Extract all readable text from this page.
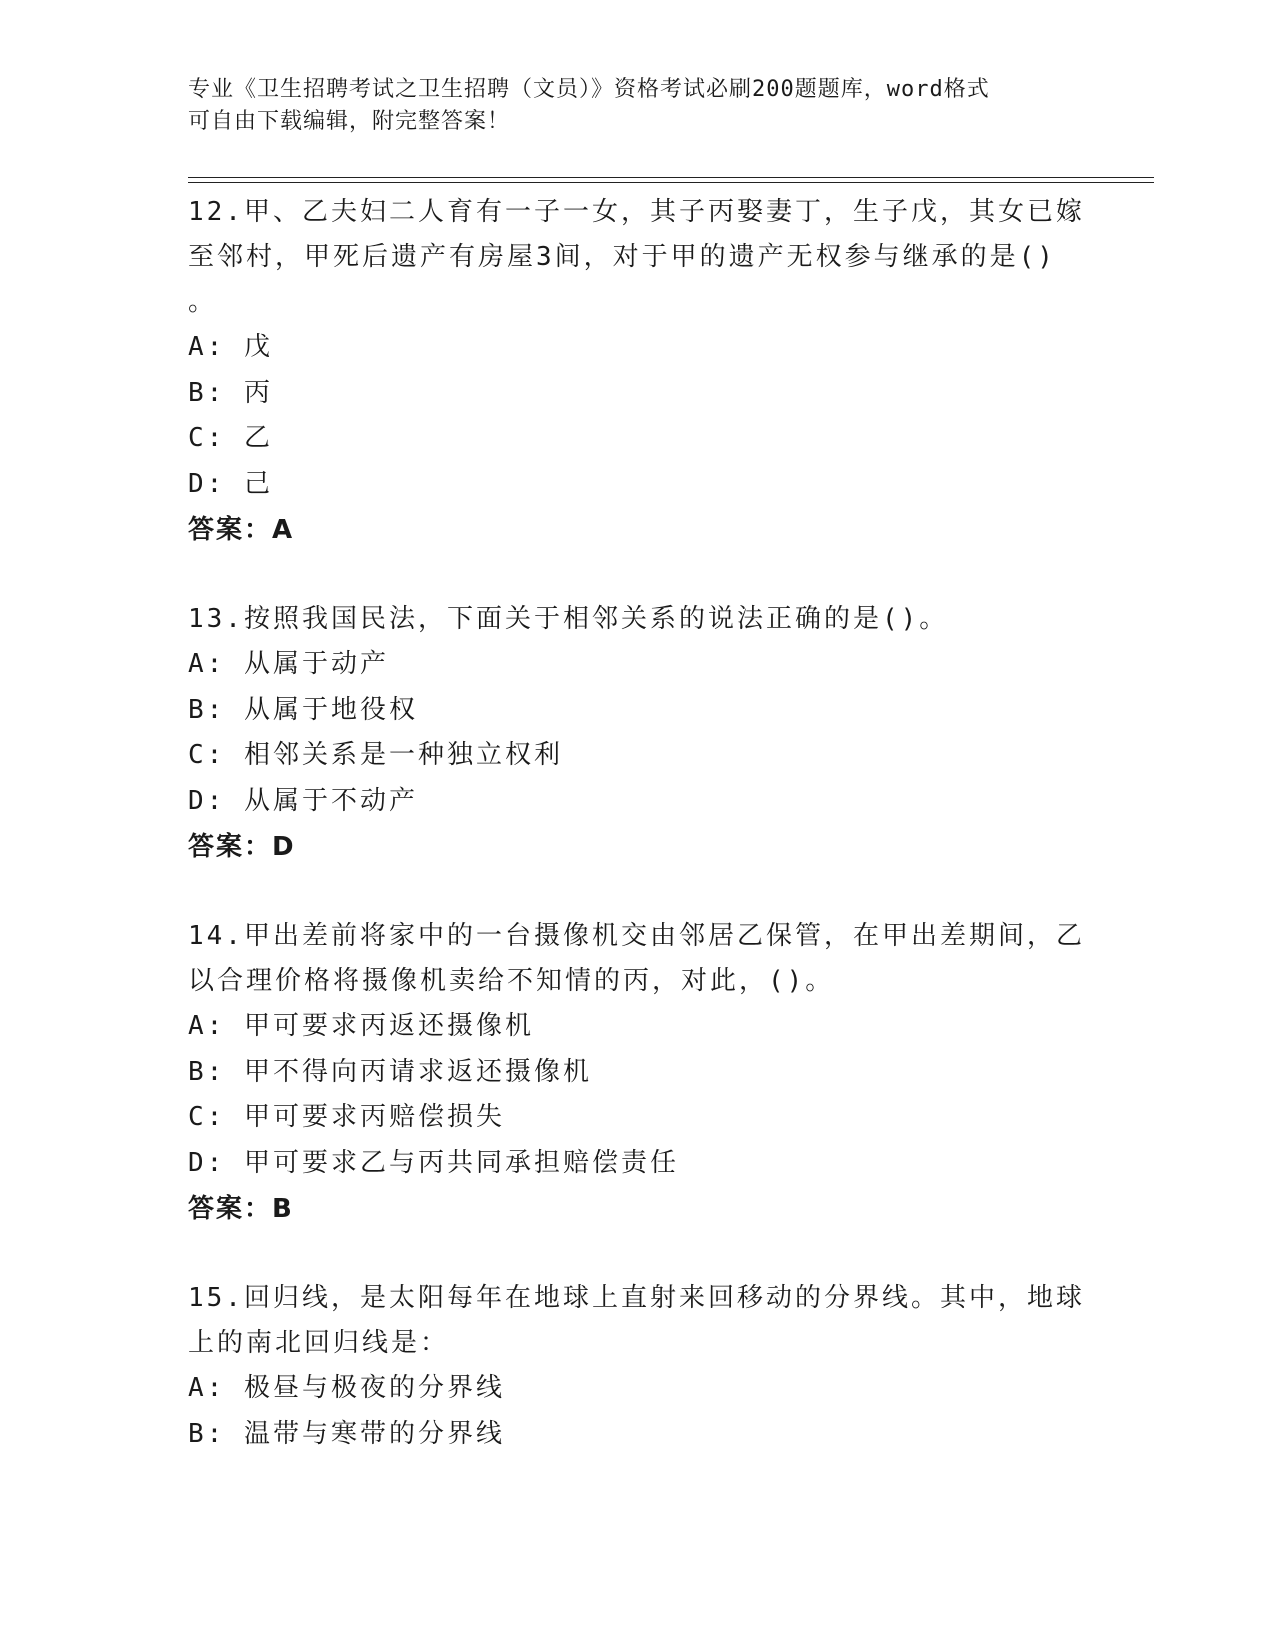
专业《卫生招聘考试之卫生招聘（文员）》资格考试必刷200题题库，word格式
可自由下载编辑，附完整答案！
12.甲、乙夫妇二人育有一子一女，其子丙娶妻丁，生子戊，其女已嫁
至邻村，甲死后遗产有房屋3间，对于甲的遗产无权参与继承的是()
。
A: 戊
B: 丙
C: 乙
D: 己
答案：A
13.按照我国民法，下面关于相邻关系的说法正确的是()。
A: 从属于动产
B: 从属于地役权
C: 相邻关系是一种独立权利
D: 从属于不动产
答案：D
14.甲出差前将家中的一台摄像机交由邻居乙保管，在甲出差期间，乙
以合理价格将摄像机卖给不知情的丙，对此，()。
A: 甲可要求丙返还摄像机
B: 甲不得向丙请求返还摄像机
C: 甲可要求丙赔偿损失
D: 甲可要求乙与丙共同承担赔偿责任
答案：B
15.回归线，是太阳每年在地球上直射来回移动的分界线。其中，地球
上的南北回归线是：
A: 极昼与极夜的分界线
B: 温带与寒带的分界线
